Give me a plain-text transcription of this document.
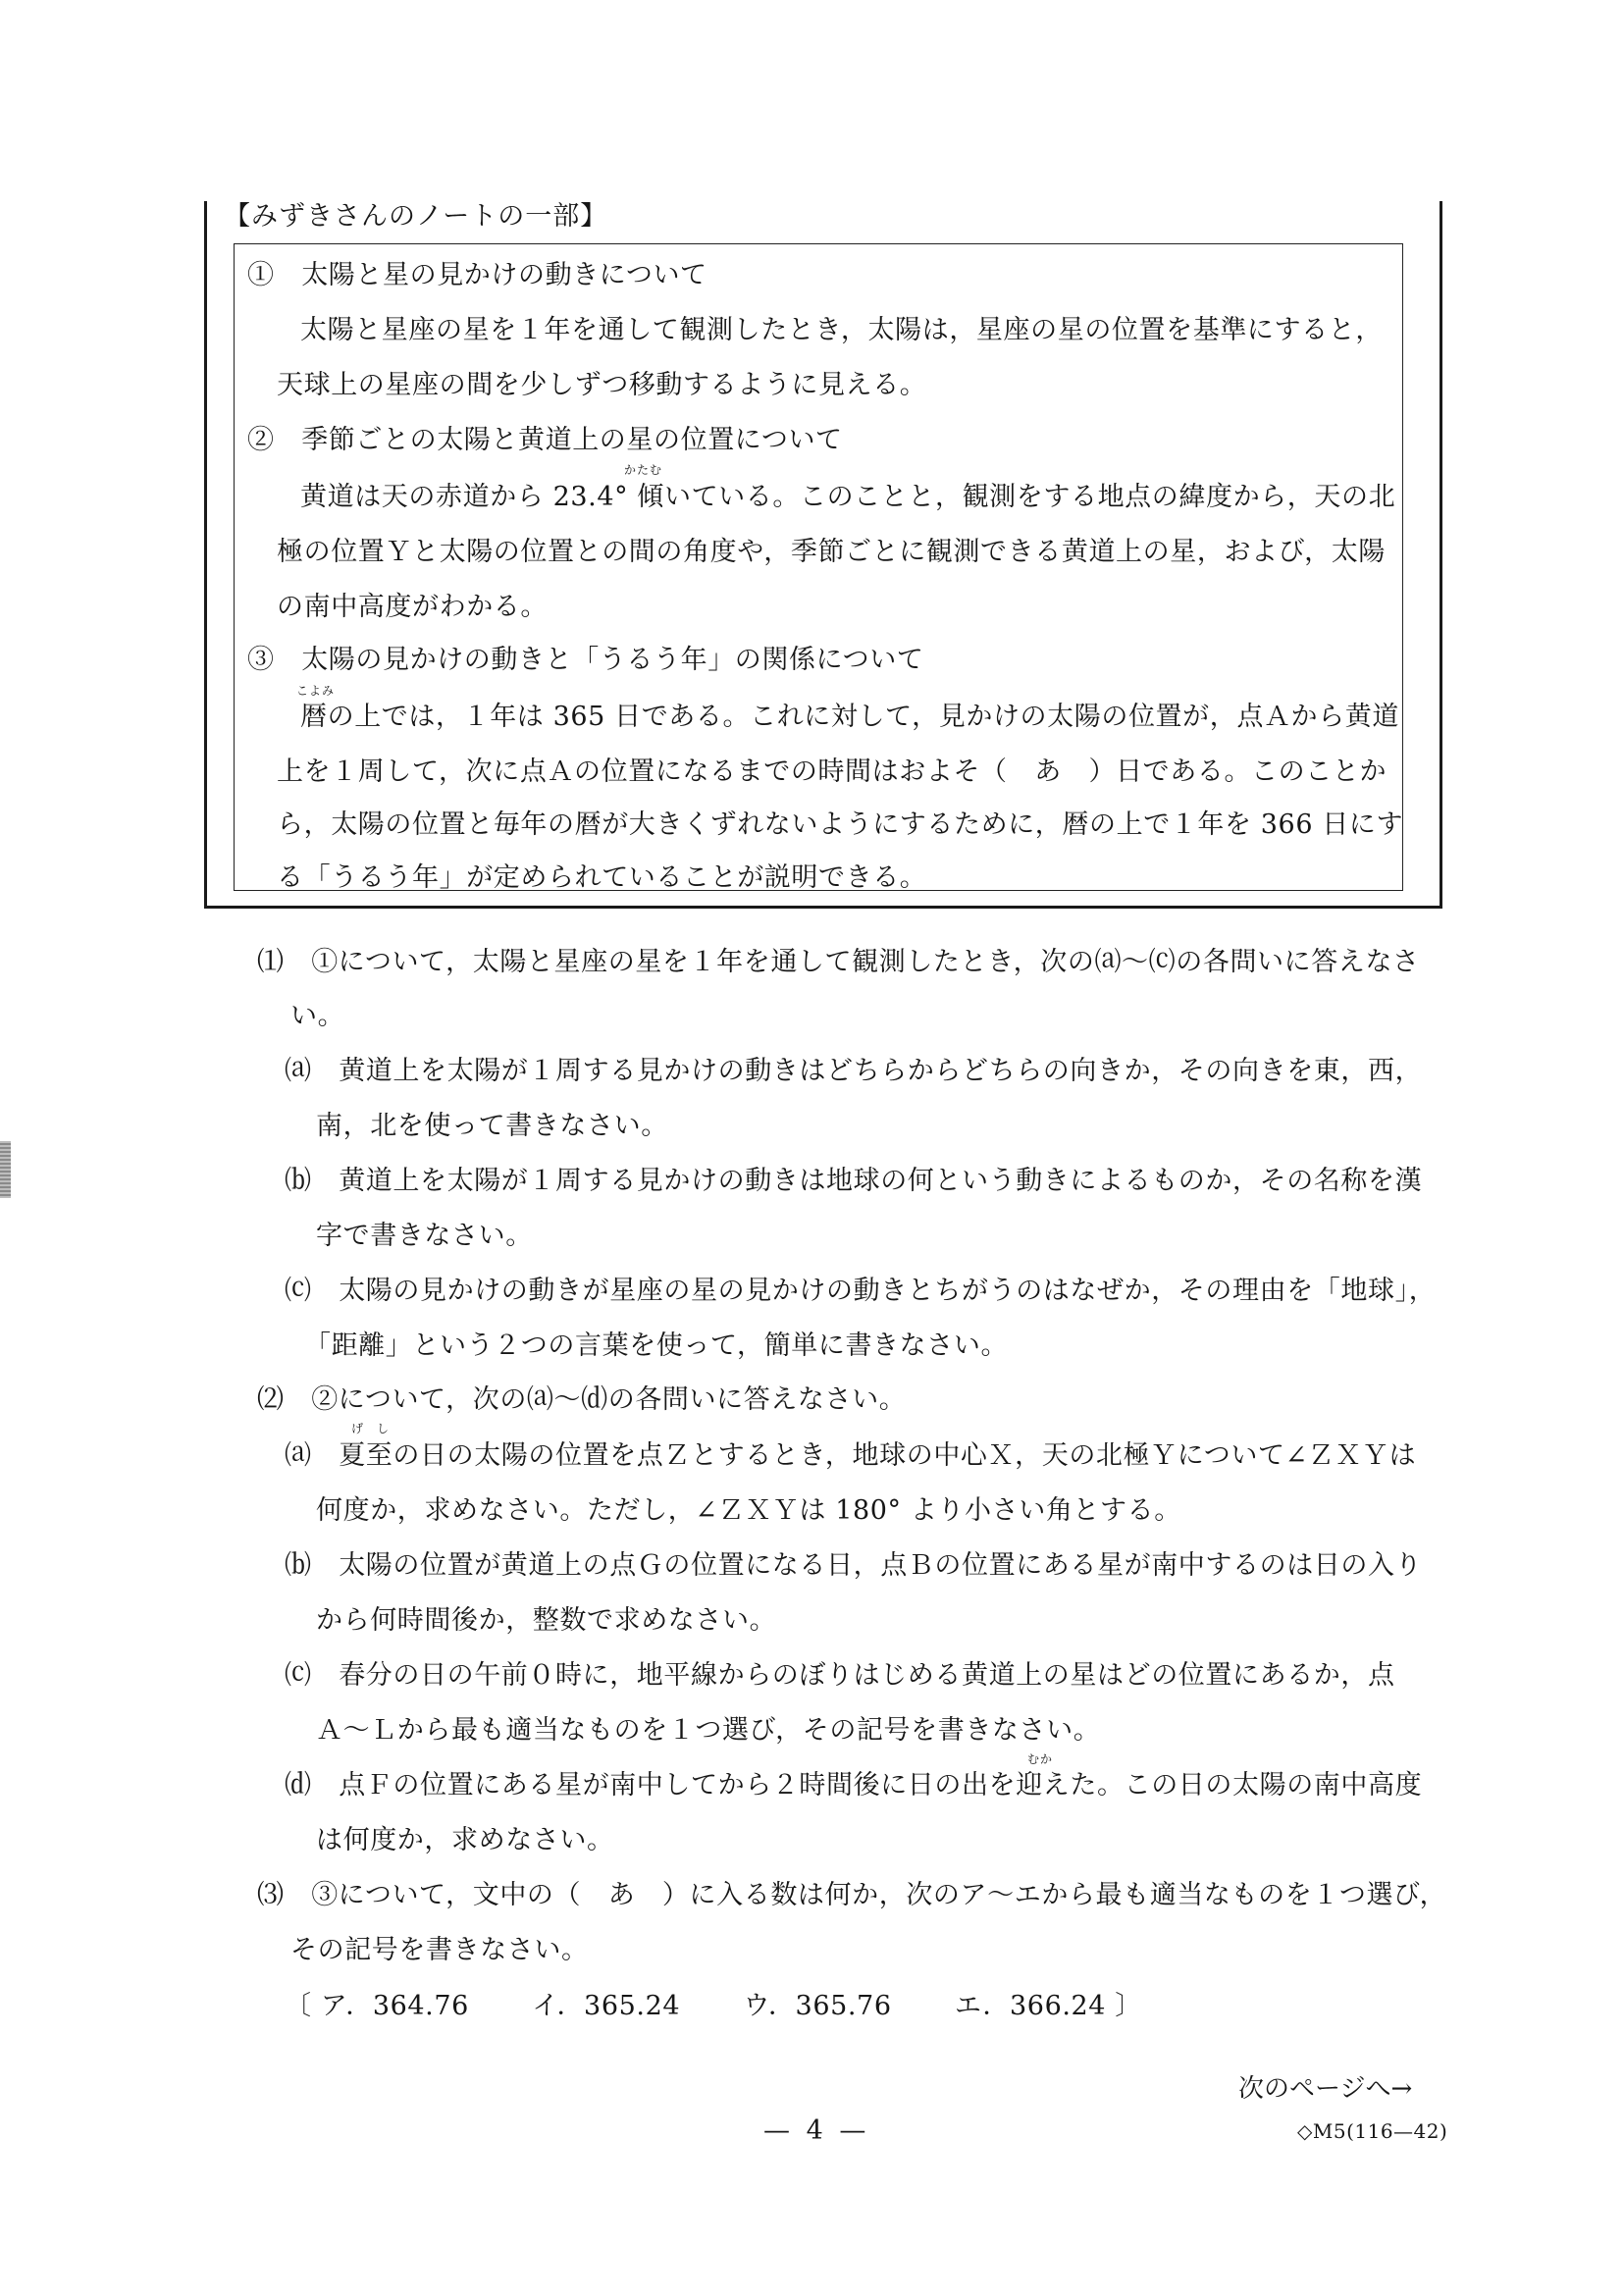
【みずきさんのノートの一部】
①　太陽と星の見かけの動きについて
太陽と星座の星を１年を通して観測したとき，太陽は，星座の星の位置を基準にすると，
天球上の星座の間を少しずつ移動するように見える。
②　季節ごとの太陽と黄道上の星の位置について
かたむ
黄道は天の赤道から 23.4° 傾いている。このことと，観測をする地点の緯度から，天の北
極の位置Ｙと太陽の位置との間の角度や，季節ごとに観測できる黄道上の星，および，太陽
の南中高度がわかる。
③　太陽の見かけの動きと「うるう年」の関係について
こよみ
暦の上では，１年は 365 日である。これに対して，見かけの太陽の位置が，点Ａから黄道
上を１周して，次に点Ａの位置になるまでの時間はおよそ（　あ　）日である。このことか
ら，太陽の位置と毎年の暦が大きくずれないようにするために，暦の上で１年を 366 日にす
る「うるう年」が定められていることが説明できる。
⑴　①について，太陽と星座の星を１年を通して観測したとき，次の⒜～⒞の各問いに答えなさ
い。
⒜　黄道上を太陽が１周する見かけの動きはどちらからどちらの向きか，その向きを東，西，
南，北を使って書きなさい。
⒝　黄道上を太陽が１周する見かけの動きは地球の何という動きによるものか，その名称を漢
字で書きなさい。
⒞　太陽の見かけの動きが星座の星の見かけの動きとちがうのはなぜか，その理由を「地球」，
「距離」という２つの言葉を使って，簡単に書きなさい。
⑵　②について，次の⒜～⒟の各問いに答えなさい。
げ　し
⒜　夏至の日の太陽の位置を点Ｚとするとき，地球の中心Ｘ，天の北極Ｙについて∠ＺＸＹは
何度か，求めなさい。ただし，∠ＺＸＹは 180° より小さい角とする。
⒝　太陽の位置が黄道上の点Ｇの位置になる日，点Ｂの位置にある星が南中するのは日の入り
から何時間後か，整数で求めなさい。
⒞　春分の日の午前０時に，地平線からのぼりはじめる黄道上の星はどの位置にあるか，点
Ａ～Ｌから最も適当なものを１つ選び，その記号を書きなさい。
むか
⒟　点Ｆの位置にある星が南中してから２時間後に日の出を迎えた。この日の太陽の南中高度
は何度か，求めなさい。
⑶　③について，文中の（　あ　）に入る数は何か，次のア～エから最も適当なものを１つ選び，
その記号を書きなさい。
〔 ア．364.76　　 イ．365.24　　 ウ．365.76　　 エ．366.24 〕
次のページへ→
— 4 —	◇M5(116—42)
